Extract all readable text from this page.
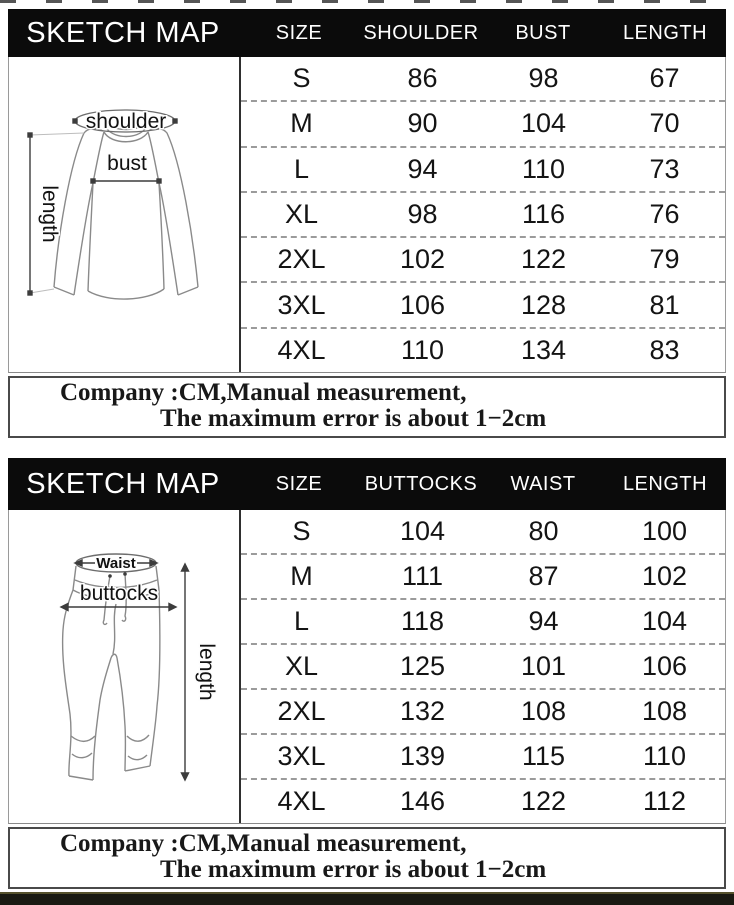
SKETCH MAP	SIZE	SHOULDER	BUST	LENGTH
shoulder
bust
length
S	86	98	67
M	90	104	70
L	94	110	73
XL	98	116	76
2XL	102	122	79
3XL	106	128	81
4XL	110	134	83
Company :CM,Manual measurement,
The maximum error is about 1−2cm
SKETCH MAP	SIZE	BUTTOCKS	WAIST	LENGTH
Waist
buttocks
length
S	104	80	100
M	111	87	102
L	118	94	104
XL	125	101	106
2XL	132	108	108
3XL	139	115	110
4XL	146	122	112
Company :CM,Manual measurement,
The maximum error is about 1−2cm
